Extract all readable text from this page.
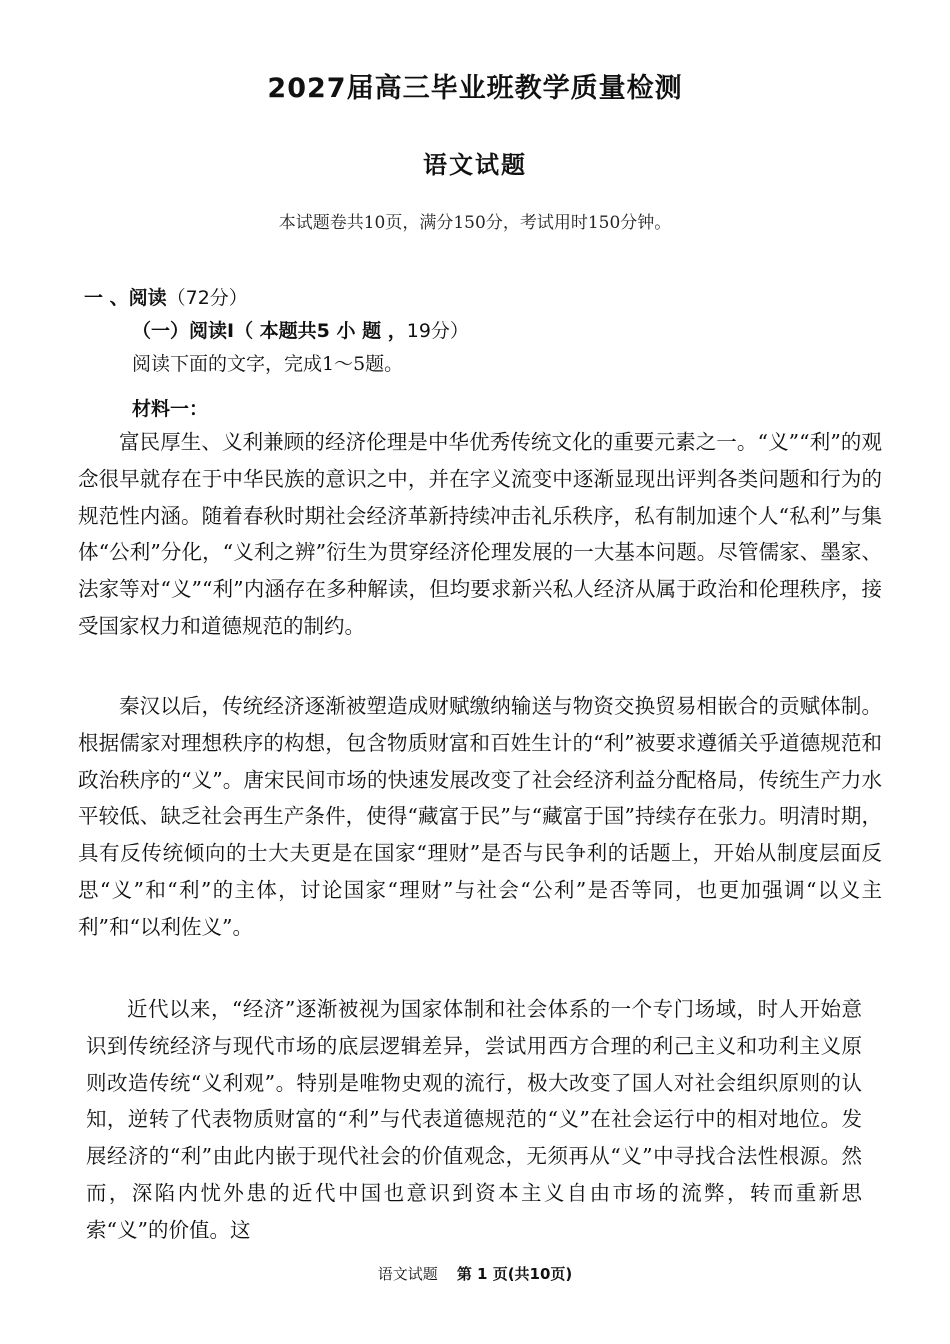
2027届高三毕业班教学质量检测
语文试题
本试题卷共10页，满分150分，考试用时150分钟。
一 、阅读（72分）
（一）阅读I（ 本题共5 小 题 ，19分）
阅读下面的文字，完成1～5题。
材料一：

富民厚生、义利兼顾的经济伦理是中华优秀传统文化的重要元素之一。“义”“利”的观念很早就存在于中华民族的意识之中，并在字义流变中逐渐显现出评判各类问题和行为的规范性内涵。随着春秋时期社会经济革新持续冲击礼乐秩序，私有制加速个人“私利”与集体“公利”分化，“义利之辨”衍生为贯穿经济伦理发展的一大基本问题。尽管儒家、墨家、法家等对“义”“利”内涵存在多种解读，但均要求新兴私人经济从属于政治和伦理秩序，接受国家权力和道德规范的制约。

秦汉以后，传统经济逐渐被塑造成财赋缴纳输送与物资交换贸易相嵌合的贡赋体制。根据儒家对理想秩序的构想，包含物质财富和百姓生计的“利”被要求遵循关乎道德规范和政治秩序的“义”。唐宋民间市场的快速发展改变了社会经济利益分配格局，传统生产力水平较低、缺乏社会再生产条件，使得“藏富于民”与“藏富于国”持续存在张力。明清时期，具有反传统倾向的士大夫更是在国家“理财”是否与民争利的话题上，开始从制度层面反思“义”和“利”的主体，讨论国家“理财”与社会“公利”是否等同，也更加强调“以义主利”和“以利佐义”。

近代以来，“经济”逐渐被视为国家体制和社会体系的一个专门场域，时人开始意识到传统经济与现代市场的底层逻辑差异，尝试用西方合理的利己主义和功利主义原则改造传统“义利观”。特别是唯物史观的流行，极大改变了国人对社会组织原则的认知，逆转了代表物质财富的“利”与代表道德规范的“义”在社会运行中的相对地位。发展经济的“利”由此内嵌于现代社会的价值观念，无须再从“义”中寻找合法性根源。然而，深陷内忧外患的近代中国也意识到资本主义自由市场的流弊，转而重新思索“义”的价值。这

语文试题 第 1 页(共10页)
